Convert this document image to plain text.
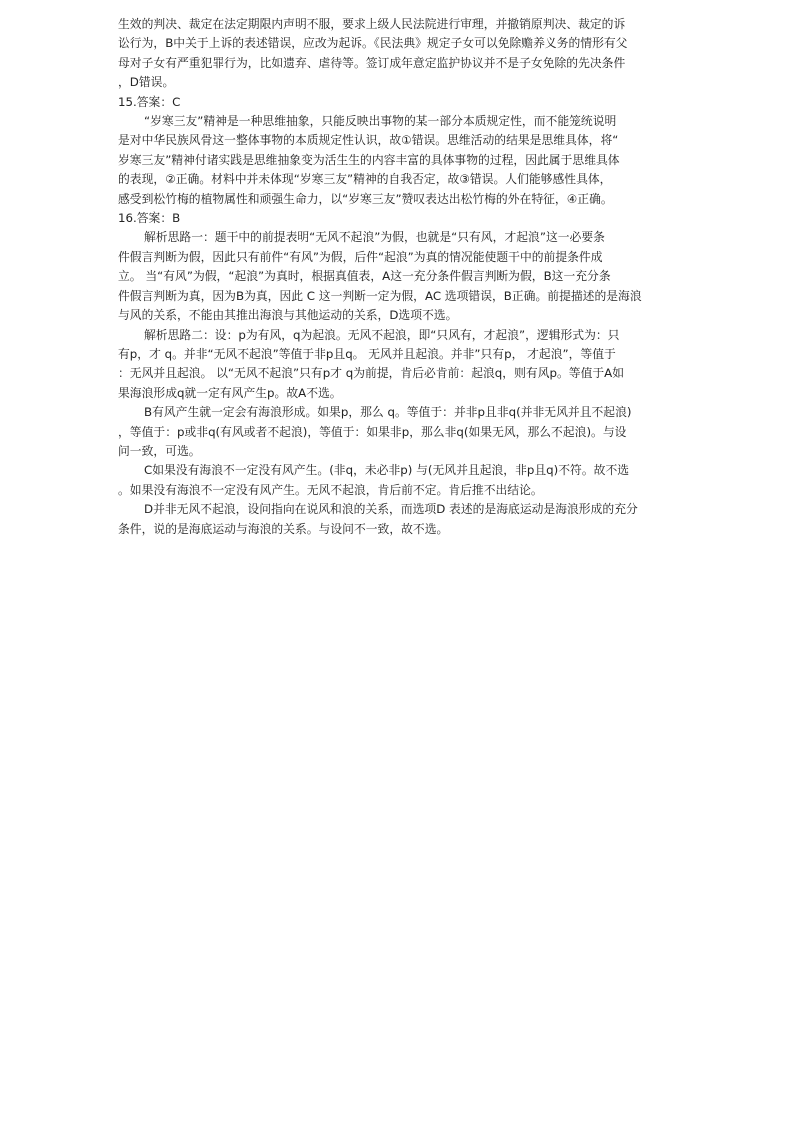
生效的判决、裁定在法定期限内声明不服，要求上级人民法院进行审理，并撤销原判决、裁定的诉
讼行为，B中关于上诉的表述错误，应改为起诉。《民法典》规定子女可以免除赡养义务的情形有父
母对子女有严重犯罪行为，比如遗弃、虐待等。签订成年意定监护协议并不是子女免除的先决条件
，D错误。
15.答案：C
“岁寒三友”精神是一种思维抽象，只能反映出事物的某一部分本质规定性，而不能笼统说明
是对中华民族风骨这一整体事物的本质规定性认识，故①错误。思维活动的结果是思维具体，将“
岁寒三友”精神付诸实践是思维抽象变为活生生的内容丰富的具体事物的过程，因此属于思维具体
的表现，②正确。材料中并未体现“岁寒三友”精神的自我否定，故③错误。人们能够感性具体，
感受到松竹梅的植物属性和顽强生命力，以“岁寒三友”赞叹表达出松竹梅的外在特征，④正确。
16.答案：B
解析思路一：题干中的前提表明“无风不起浪”为假，也就是“只有风，才起浪”这一必要条
件假言判断为假，因此只有前件“有风”为假，后件“起浪”为真的情况能使题干中的前提条件成
立。 当“有风”为假，“起浪”为真时，根据真值表，A这一充分条件假言判断为假，B这一充分条
件假言判断为真，因为B为真，因此 C 这一判断一定为假，AC 选项错误，B正确。前提描述的是海浪
与风的关系，不能由其推出海浪与其他运动的关系，D选项不选。
解析思路二：设：p为有风，q为起浪。无风不起浪，即“只风有，才起浪”，逻辑形式为：只
有p，才 q。并非“无风不起浪”等值于非p且q。 无风并且起浪。并非”只有p， 才起浪”，等值于
：无风并且起浪。 以“无风不起浪”只有p才 q为前提，肯后必肯前：起浪q，则有风p。等值于A如
果海浪形成q就一定有风产生p。故A不选。
B有风产生就一定会有海浪形成。如果p，那么 q。等值于：并非p且非q(并非无风并且不起浪)
，等值于：p或非q(有风或者不起浪)，等值于：如果非p，那么非q(如果无风，那么不起浪)。与设
问一致，可选。
C如果没有海浪不一定没有风产生。(非q，未必非p) 与(无风并且起浪，非p且q)不符。故不选
。如果没有海浪不一定没有风产生。无风不起浪，肯后前不定。肯后推不出结论。
D并非无风不起浪，设问指向在说风和浪的关系，而选项D 表述的是海底运动是海浪形成的充分
条件，说的是海底运动与海浪的关系。与设问不一致，故不选。
